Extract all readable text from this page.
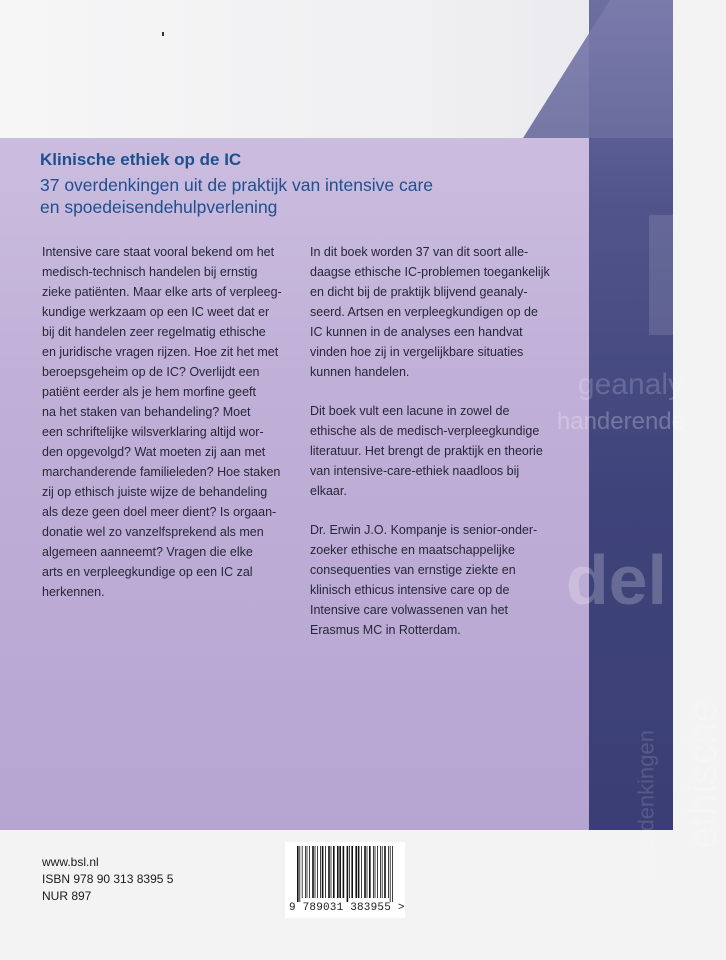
geanaly
handerende
del
ethische
overdenkingen
Klinische ethiek op de IC
37 overdenkingen uit de praktijk van intensive care
en spoedeisendehulpverlening

Intensive care staat vooral bekend om het
medisch-technisch handelen bij ernstig
zieke patiënten. Maar elke arts of verpleeg-
kundige werkzaam op een IC weet dat er
bij dit handelen zeer regelmatig ethische
en juridische vragen rijzen. Hoe zit het met
beroepsgeheim op de IC? Overlijdt een
patiënt eerder als je hem morfine geeft
na het staken van behandeling? Moet
een schriftelijke wilsverklaring altijd wor-
den opgevolgd? Wat moeten zij aan met
marchanderende familieleden? Hoe staken
zij op ethisch juiste wijze de behandeling
als deze geen doel meer dient? Is orgaan-
donatie wel zo vanzelfsprekend als men
algemeen aanneemt? Vragen die elke
arts en verpleegkundige op een IC zal
herkennen.

In dit boek worden 37 van dit soort alle-
daagse ethische IC-problemen toegankelijk
en dicht bij de praktijk blijvend geanaly-
seerd. Artsen en verpleegkundigen op de
IC kunnen in de analyses een handvat
vinden hoe zij in vergelijkbare situaties
kunnen handelen.

Dit boek vult een lacune in zowel de
ethische als de medisch-verpleegkundige
literatuur. Het brengt de praktijk en theorie
van intensive-care-ethiek naadloos bij
elkaar.

Dr. Erwin J.O. Kompanje is senior-onder-
zoeker ethische en maatschappelijke
consequenties van ernstige ziekte en
klinisch ethicus intensive care op de
Intensive care volwassenen van het
Erasmus MC in Rotterdam.

www.bsl.nl
ISBN 978 90 313 8395 5
NUR 897
9 789031 383955 >
